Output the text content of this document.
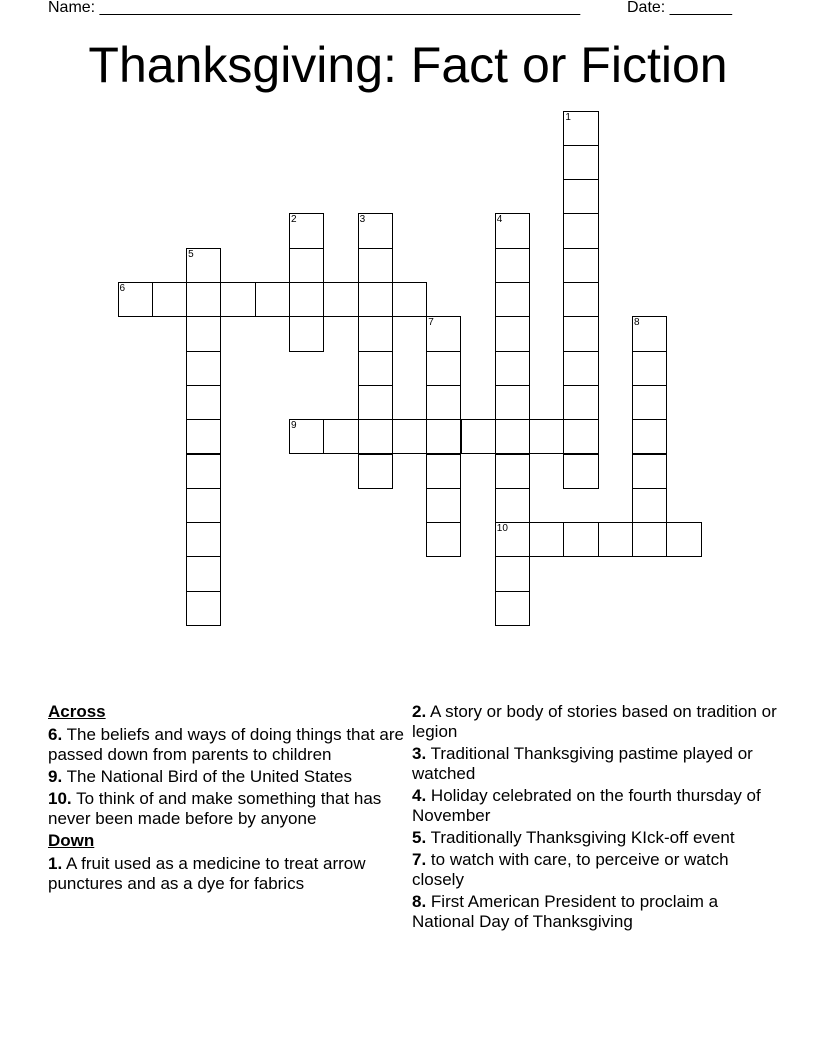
Name: ______________________________________________________	Date: _______
Thanksgiving: Fact or Fiction
1
2	3	4
10
5
6
7	8
9
Across
6. The beliefs and ways of doing things that are passed down from parents to children
9. The National Bird of the United States
10. To think of and make something that has never been made before by anyone
Down
1. A fruit used as a medicine to treat arrow punctures and as a dye for fabrics
2. A story or body of stories based on tradition or legion
3. Traditional Thanksgiving pastime played or watched
4. Holiday celebrated on the fourth thursday of November
5. Traditionally Thanksgiving KIck-off event
7. to watch with care, to perceive or watch closely
8. First American President to proclaim a National Day of Thanksgiving
